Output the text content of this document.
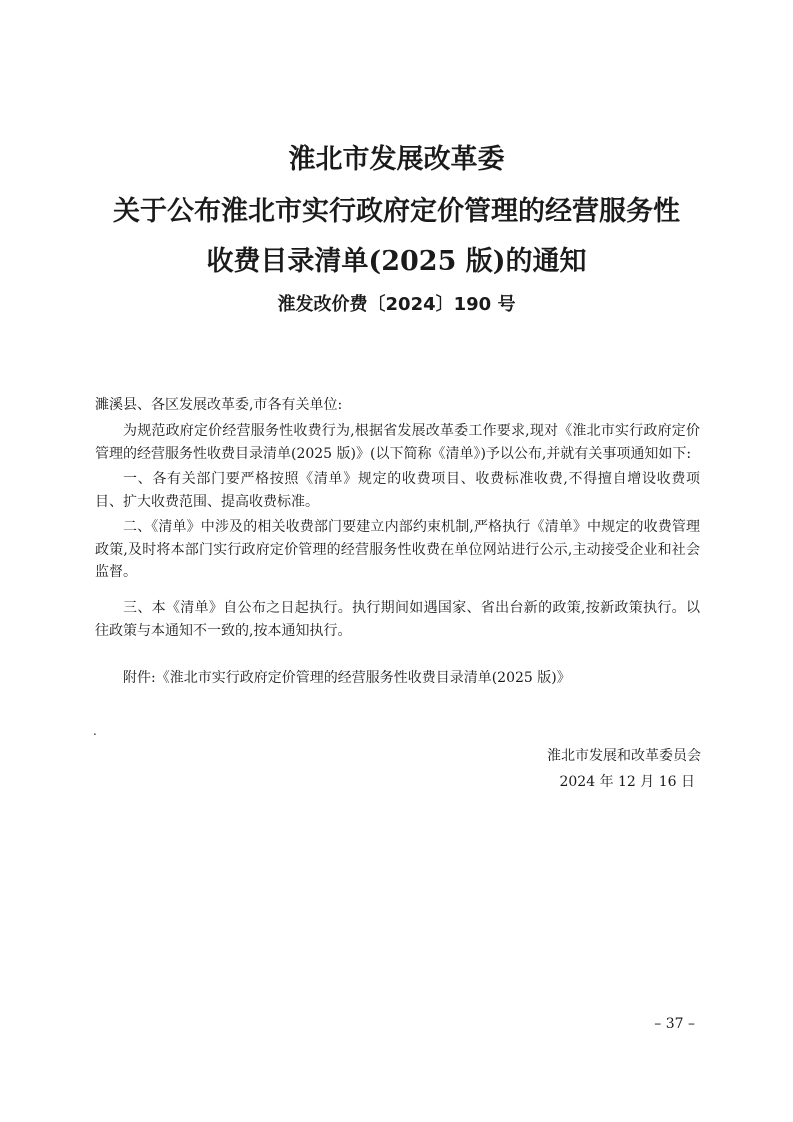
淮北市发展改革委
关于公布淮北市实行政府定价管理的经营服务性
收费目录清单(2025 版)的通知
淮发改价费〔2024〕190 号
濉溪县、各区发展改革委,市各有关单位:

为规范政府定价经营服务性收费行为,根据省发展改革委工作要求,现对《淮北市实行政府定价管理的经营服务性收费目录清单(2025 版)》(以下简称《清单》)予以公布,并就有关事项通知如下:

一、各有关部门要严格按照《清单》规定的收费项目、收费标准收费,不得擅自增设收费项目、扩大收费范围、提高收费标准。

二、《清单》中涉及的相关收费部门要建立内部约束机制,严格执行《清单》中规定的收费管理政策,及时将本部门实行政府定价管理的经营服务性收费在单位网站进行公示,主动接受企业和社会监督。

三、本《清单》自公布之日起执行。执行期间如遇国家、省出台新的政策,按新政策执行。以往政策与本通知不一致的,按本通知执行。

附件:《淮北市实行政府定价管理的经营服务性收费目录清单(2025 版)》
.
淮北市发展和改革委员会
2024 年 12 月 16 日
– 37 –
